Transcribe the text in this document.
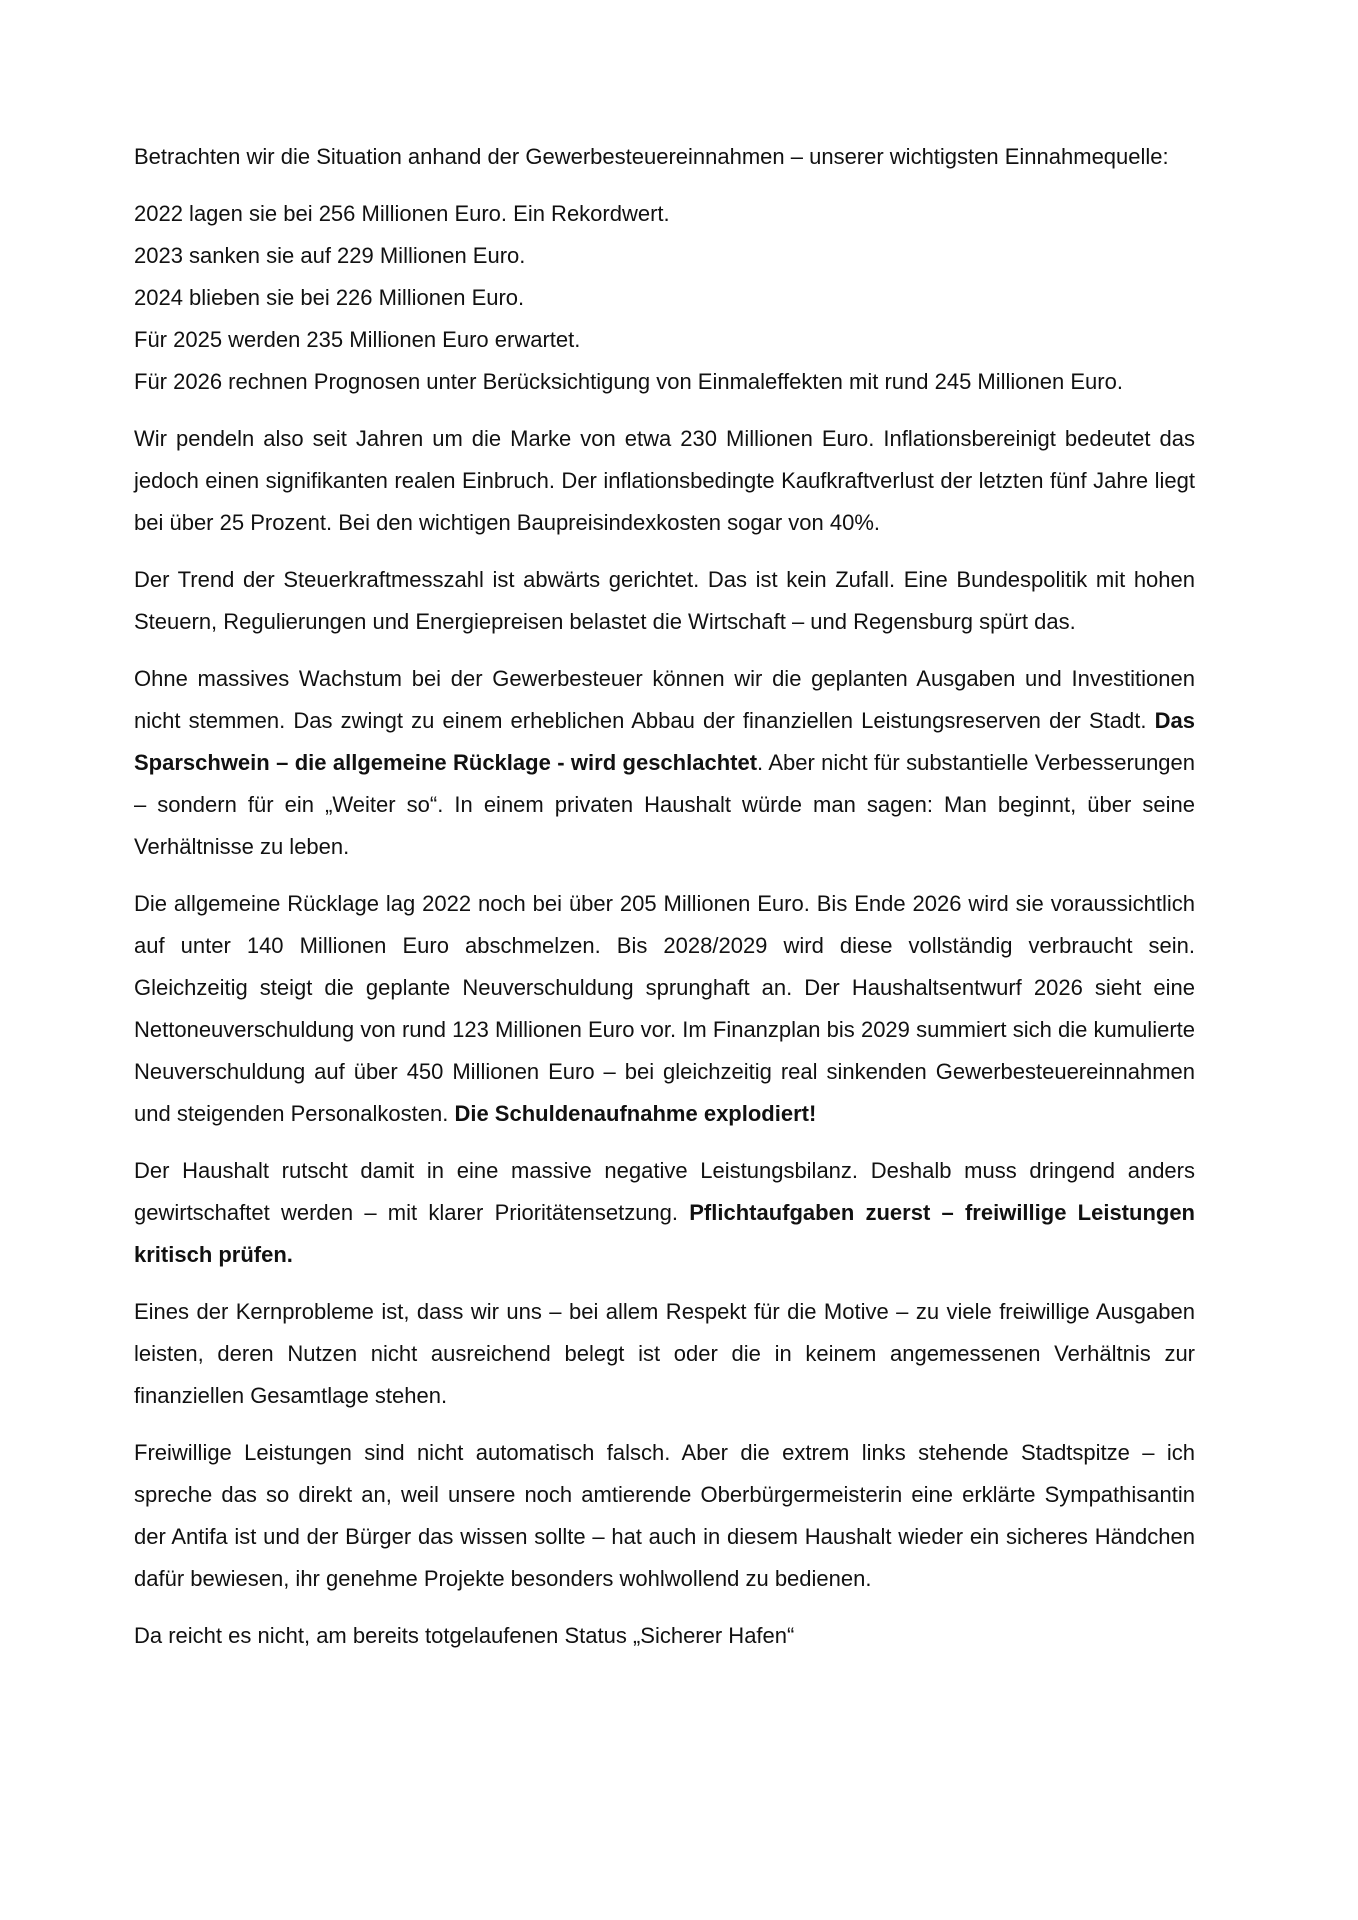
Betrachten wir die Situation anhand der Gewerbesteuereinnahmen – unserer wichtigsten Einnahmequelle:

2022 lagen sie bei 256 Millionen Euro. Ein Rekordwert.

2023 sanken sie auf 229 Millionen Euro.

2024 blieben sie bei 226 Millionen Euro.

Für 2025 werden 235 Millionen Euro erwartet.

Für 2026 rechnen Prognosen unter Berücksichtigung von Einmaleffekten mit rund 245 Millionen Euro.

Wir pendeln also seit Jahren um die Marke von etwa 230 Millionen Euro. Inflationsbereinigt bedeutet das jedoch einen signifikanten realen Einbruch. Der inflationsbedingte Kaufkraftverlust der letzten fünf Jahre liegt bei über 25 Prozent. Bei den wichtigen Baupreisindexkosten sogar von 40%.

Der Trend der Steuerkraftmesszahl ist abwärts gerichtet. Das ist kein Zufall. Eine Bundespolitik mit hohen Steuern, Regulierungen und Energiepreisen belastet die Wirtschaft – und Regensburg spürt das.

Ohne massives Wachstum bei der Gewerbesteuer können wir die geplanten Ausgaben und Investitionen nicht stemmen. Das zwingt zu einem erheblichen Abbau der finanziellen Leistungsreserven der Stadt. Das Sparschwein – die allgemeine Rücklage - wird geschlachtet. Aber nicht für substantielle Verbesserungen – sondern für ein „Weiter so“. In einem privaten Haushalt würde man sagen: Man beginnt, über seine Verhältnisse zu leben.

Die allgemeine Rücklage lag 2022 noch bei über 205 Millionen Euro. Bis Ende 2026 wird sie voraussichtlich auf unter 140 Millionen Euro abschmelzen. Bis 2028/2029 wird diese vollständig verbraucht sein. Gleichzeitig steigt die geplante Neuverschuldung sprunghaft an. Der Haushaltsentwurf 2026 sieht eine Nettoneuverschuldung von rund 123 Millionen Euro vor. Im Finanzplan bis 2029 summiert sich die kumulierte Neuverschuldung auf über 450 Millionen Euro – bei gleichzeitig real sinkenden Gewerbesteuereinnahmen und steigenden Personalkosten. Die Schuldenaufnahme explodiert!

Der Haushalt rutscht damit in eine massive negative Leistungsbilanz. Deshalb muss dringend anders gewirtschaftet werden – mit klarer Prioritätensetzung. Pflichtaufgaben zuerst – freiwillige Leistungen kritisch prüfen.

Eines der Kernprobleme ist, dass wir uns – bei allem Respekt für die Motive – zu viele freiwillige Ausgaben leisten, deren Nutzen nicht ausreichend belegt ist oder die in keinem angemessenen Verhältnis zur finanziellen Gesamtlage stehen.

Freiwillige Leistungen sind nicht automatisch falsch. Aber die extrem links stehende Stadtspitze – ich spreche das so direkt an, weil unsere noch amtierende Oberbürgermeisterin eine erklärte Sympathisantin der Antifa ist und der Bürger das wissen sollte – hat auch in diesem Haushalt wieder ein sicheres Händchen dafür bewiesen, ihr genehme Projekte besonders wohlwollend zu bedienen.

Da reicht es nicht, am bereits totgelaufenen Status „Sicherer Hafen“
